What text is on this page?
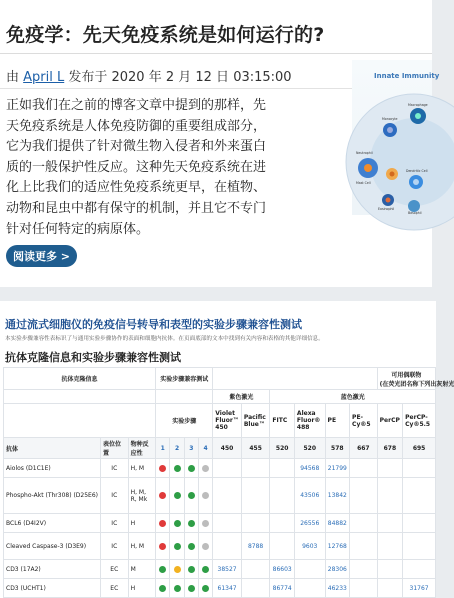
免疫学：先天免疫系统是如何运行的?
由 April L 发布于 2020 年 2 月 12 日 03:15:00
正如我们在之前的博客文章中提到的那样，先
天免疫系统是人体免疫防御的重要组成部分，
它为我们提供了针对微生物入侵者和外来蛋白
质的一般保护性反应。这种先天免疫系统在进
化上比我们的适应性免疫系统更早，在植物、
动物和昆虫中都有保守的机制，并且它不专门
针对任何特定的病原体。
Innate Immunity
Monocyte
Macrophage
Neutrophil
Mast Cell
Dendritic Cell
Eosinophil
Basophil
阅读更多 >
通过流式细胞仪的免疫信号转导和表型的实验步骤兼容性测试
本实验步骤兼容性表标识了与通用实验步骤协作的表面和细胞内抗体。在页面底部的文本中找到有关内容和表格的其他详细信息。
抗体克隆信息和实验步骤兼容性测试
抗体克隆信息			实验步骤兼容测试										可用偶联物
(在荧光团名称下列出灰射光	

							紫色激光		蓝色激光					
			实验步骤				Violet Fluor™ 450	Pacific Blue™	FITC	Alexa Fluor® 488	PE	PE-Cy®5	PerCP	PerCP-Cy®5.5
抗体	表位位置	物种反应性	1	2	3	4	450	455	520	520	578	667	678	695
Aiolos (D1C1E)	IC	H, M								94568	21799			
Phospho-Akt (Thr308) (D25E6)	IC	H, M, R, Mk								43506	13842			
BCL6 (D4I2V)	IC	H								26556	84882			
Cleaved Caspase-3 (D3E9)	IC	H, M						8788		9603	12768			
CD3 (17A2)	EC	M					38527		86603		28306			
CD3 (UCHT1)	EC	H					61347		86774		46233			31767
